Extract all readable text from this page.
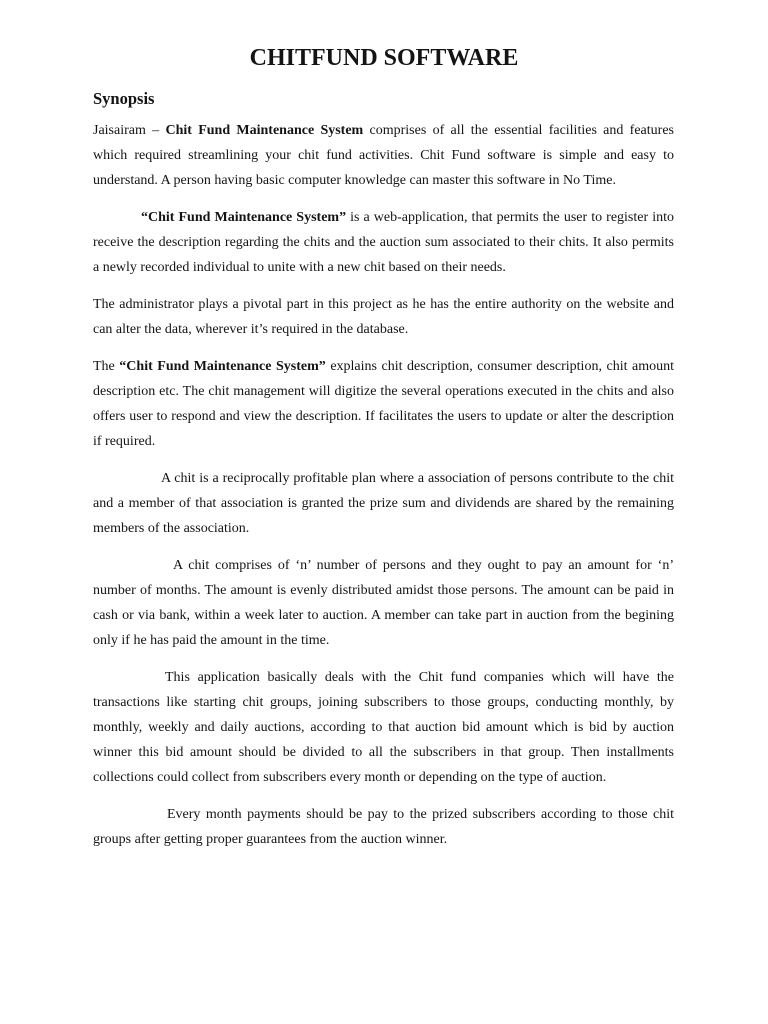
CHITFUND SOFTWARE
Synopsis

Jaisairam – Chit Fund Maintenance System comprises of all the essential facilities and features which required streamlining your chit fund activities. Chit Fund software is simple and easy to understand. A person having basic computer knowledge can master this software in No Time.

“Chit Fund Maintenance System” is a web-application, that permits the user to register into receive the description regarding the chits and the auction sum associated to their chits. It also permits a newly recorded individual to unite with a new chit based on their needs.

The administrator plays a pivotal part in this project as he has the entire authority on the website and can alter the data, wherever it’s required in the database.

The “Chit Fund Maintenance System” explains chit description, consumer description, chit amount description etc. The chit management will digitize the several operations executed in the chits and also offers user to respond and view the description. If facilitates the users to update or alter the description if required.

A chit is a reciprocally profitable plan where a association of persons contribute to the chit and a member of that association is granted the prize sum and dividends are shared by the remaining members of the association.

A chit comprises of ‘n’ number of persons and they ought to pay an amount for ‘n’ number of months. The amount is evenly distributed amidst those persons. The amount can be paid in cash or via bank, within a week later to auction. A member can take part in auction from the begining only if he has paid the amount in the time.

This application basically deals with the Chit fund companies which will have the transactions like starting chit groups, joining subscribers to those groups, conducting monthly, by monthly, weekly and daily auctions, according to that auction bid amount which is bid by auction winner this bid amount should be divided to all the subscribers in that group. Then installments collections could collect from subscribers every month or depending on the type of auction.

Every month payments should be pay to the prized subscribers according to those chit groups after getting proper guarantees from the auction winner.
